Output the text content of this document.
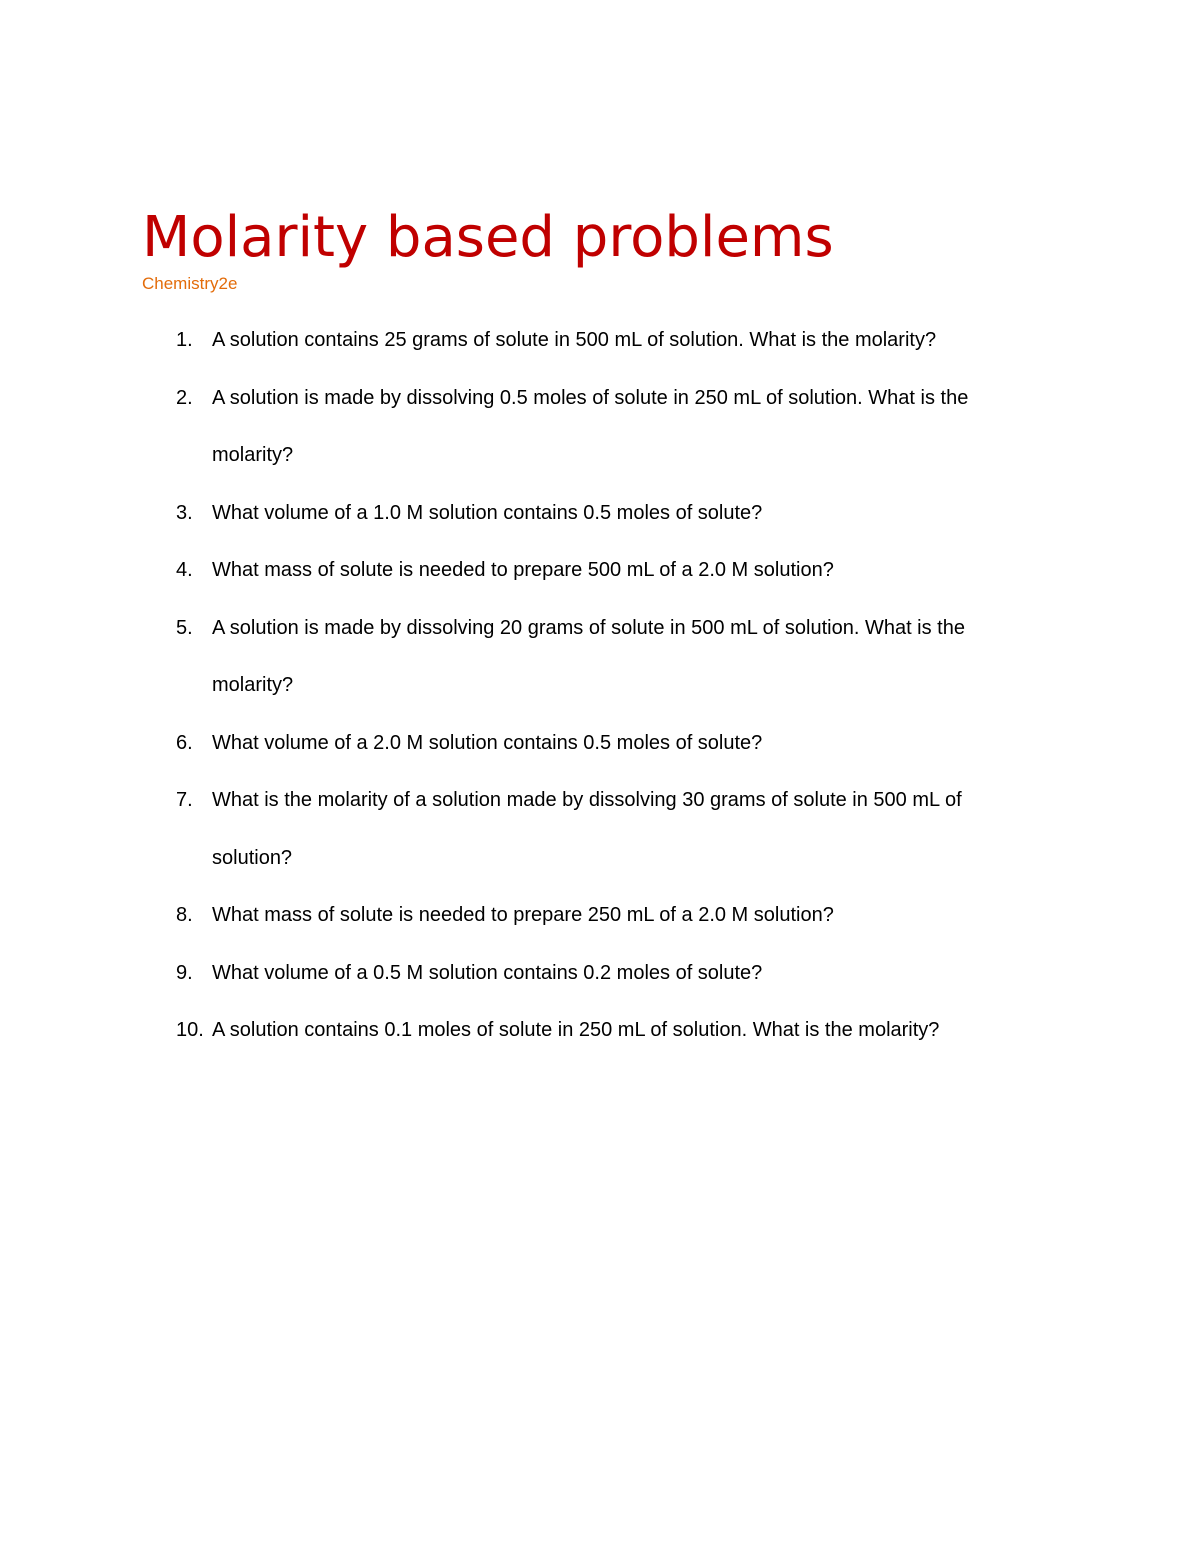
Molarity based problems
Chemistry2e
1. A solution contains 25 grams of solute in 500 mL of solution. What is the molarity?
2. A solution is made by dissolving 0.5 moles of solute in 250 mL of solution. What is the molarity?
3. What volume of a 1.0 M solution contains 0.5 moles of solute?
4. What mass of solute is needed to prepare 500 mL of a 2.0 M solution?
5. A solution is made by dissolving 20 grams of solute in 500 mL of solution. What is the molarity?
6. What volume of a 2.0 M solution contains 0.5 moles of solute?
7. What is the molarity of a solution made by dissolving 30 grams of solute in 500 mL of solution?
8. What mass of solute is needed to prepare 250 mL of a 2.0 M solution?
9. What volume of a 0.5 M solution contains 0.2 moles of solute?
10. A solution contains 0.1 moles of solute in 250 mL of solution. What is the molarity?
